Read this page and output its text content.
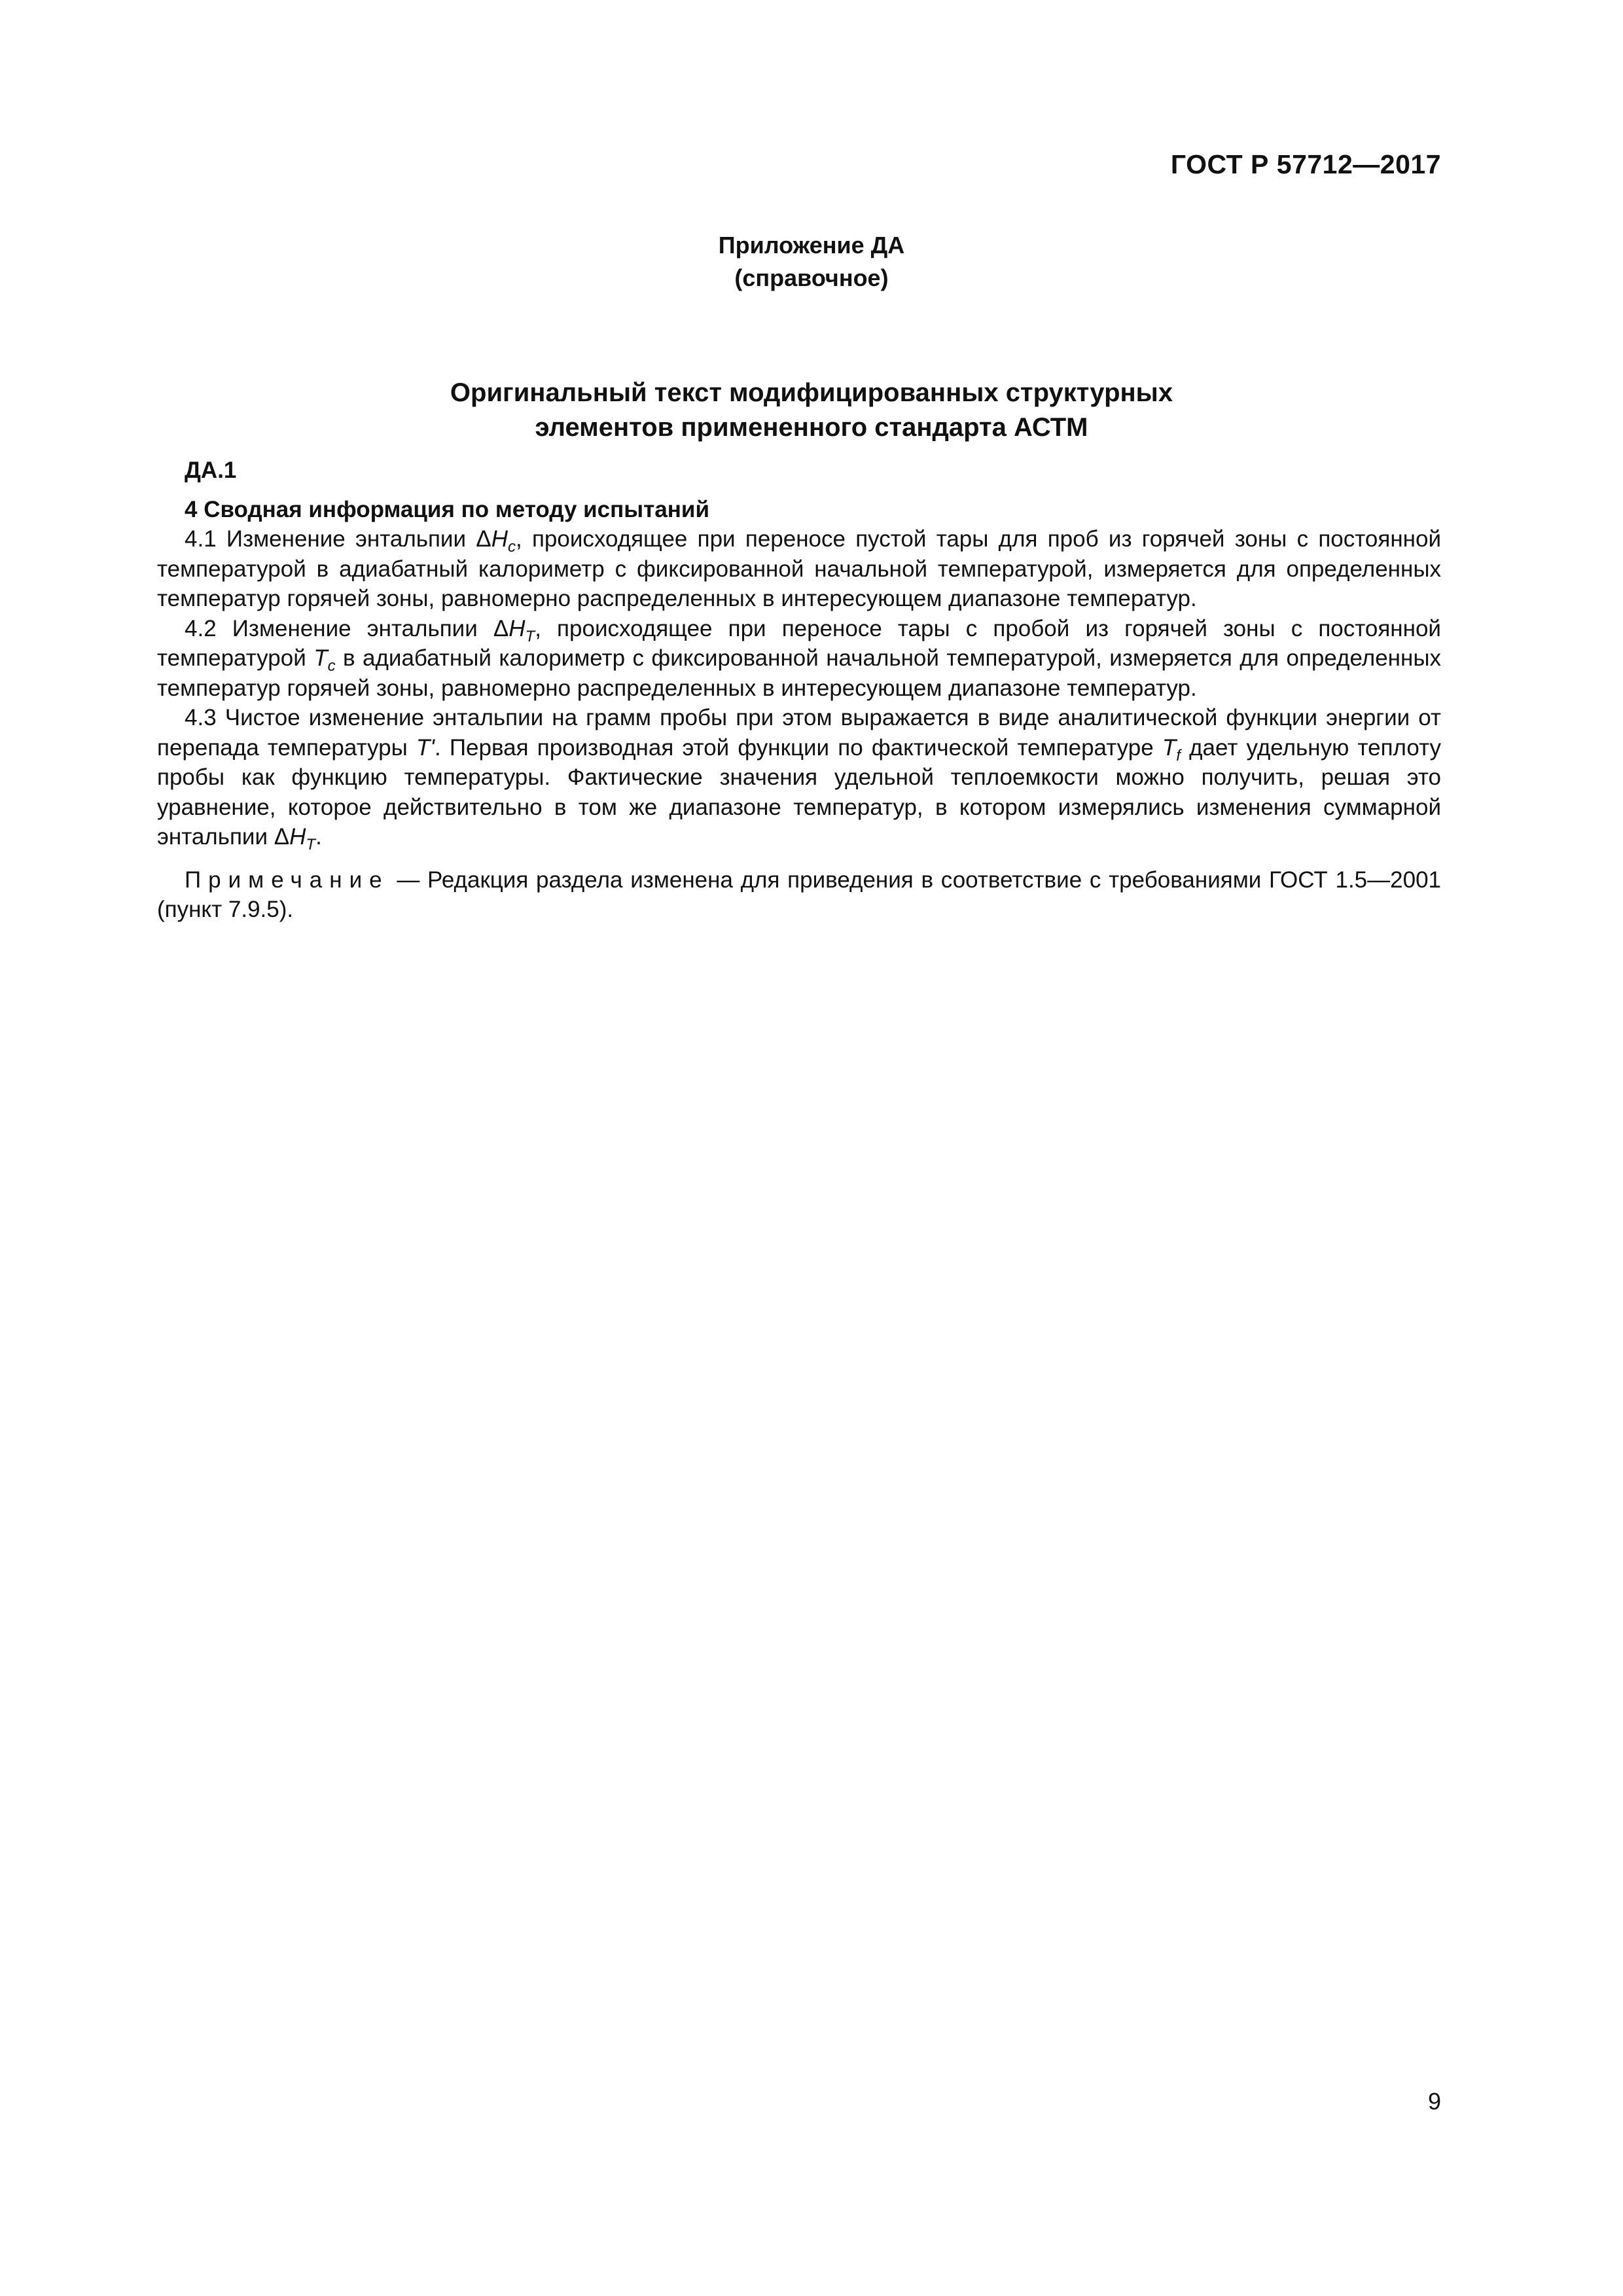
ГОСТ Р 57712—2017
Приложение ДА
(справочное)
Оригинальный текст модифицированных структурных
элементов примененного стандарта АСТМ

ДА.1

4 Сводная информация по методу испытаний

4.1 Изменение энтальпии $\Delta H_c$, происходящее при переносе пустой тары для проб из горячей зоны с постоянной температурой в адиабатный калориметр с фиксированной начальной температурой, измеряется для определенных температур горячей зоны, равномерно распределенных в интересующем диапазоне температур.

4.2 Изменение энтальпии $\Delta H_T$, происходящее при переносе тары с пробой из горячей зоны с постоянной температурой $T_c$ в адиабатный калориметр с фиксированной начальной температурой, измеряется для определенных температур горячей зоны, равномерно распределенных в интересующем диапазоне температур.

4.3 Чистое изменение энтальпии на грамм пробы при этом выражается в виде аналитической функции энергии от перепада температуры T'. Первая производная этой функции по фактической температуре $T_f$ дает удельную теплоту пробы как функцию температуры. Фактические значения удельной теплоемкости можно получить, решая это уравнение, которое действительно в том же диапазоне температур, в котором измерялись изменения суммарной энтальпии $\Delta H_T$.

Примечание — Редакция раздела изменена для приведения в соответствие с требованиями ГОСТ 1.5—2001 (пункт 7.9.5).

9
